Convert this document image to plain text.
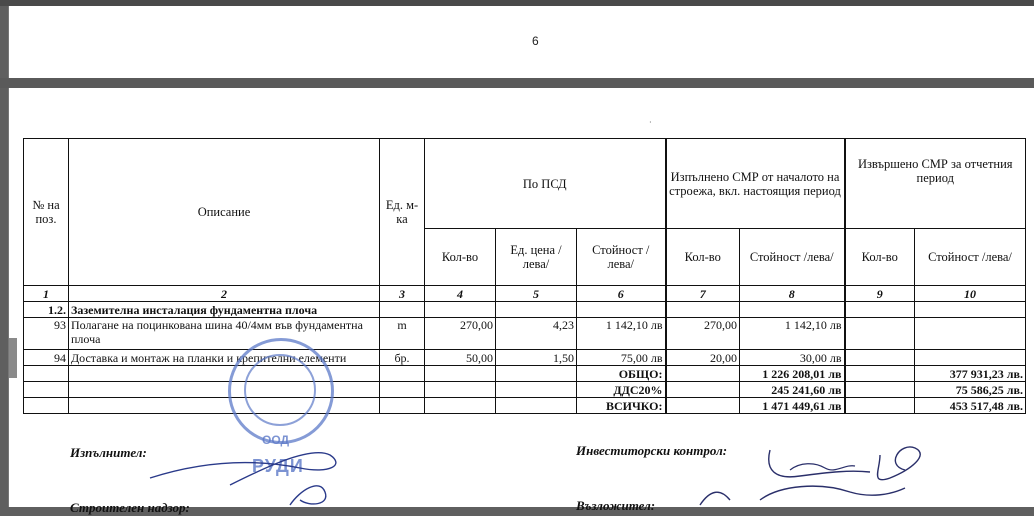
6
·
№ на поз.	Описание	Ед. м-ка	По ПСД			Изпълнено СМР от началото на строежа, вкл. настоящия период		Извършено СМР за отчетния период	
			Кол-во	Ед. цена /лева/	Стойност /лева/	Кол-во	Стойност /лева/	Кол-во	Стойност /лева/
1	2	3	4	5	6	7	8	9	10
1.2.	Заземителна инсталация фундаментна плоча								
93	Полагане на поцинкована шина 40/4мм във фундаментна плоча	m	270,00	4,23	1 142,10 лв	270,00	1 142,10 лв		
94	Доставка и монтаж на планки и крепителни елементи	бр.	50,00	1,50	75,00 лв	20,00	30,00 лв		
					ОБЩО:		1 226 208,01 лв		377 931,23 лв.
					ДДС20%		245 241,60 лв		75 586,25 лв.
					ВСИЧКО:		1 471 449,61 лв		453 517,48 лв.
Изпълнител:	Инвеститорски контрол:
Строителен надзор:	Възложител:
ООД
РУДИ
